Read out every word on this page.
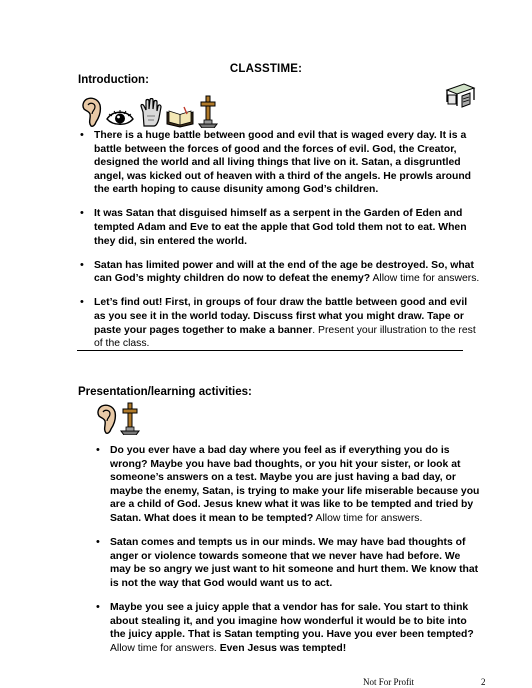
CLASSTIME:
Introduction:
• There is a huge battle between good and evil that is waged every day. It is a battle between the forces of good and the forces of evil. God, the Creator, designed the world and all living things that live on it. Satan, a disgruntled angel, was kicked out of heaven with a third of the angels. He prowls around the earth hoping to cause disunity among God’s children.
• It was Satan that disguised himself as a serpent in the Garden of Eden and tempted Adam and Eve to eat the apple that God told them not to eat. When they did, sin entered the world.
• Satan has limited power and will at the end of the age be destroyed. So, what can God’s mighty children do now to defeat the enemy? Allow time for answers.
• Let’s find out! First, in groups of four draw the battle between good and evil as you see it in the world today. Discuss first what you might draw. Tape or paste your pages together to make a banner. Present your illustration to the rest of the class.
Presentation/learning activities:
• Do you ever have a bad day where you feel as if everything you do is wrong? Maybe you have bad thoughts, or you hit your sister, or look at someone’s answers on a test. Maybe you are just having a bad day, or maybe the enemy, Satan, is trying to make your life miserable because you are a child of God. Jesus knew what it was like to be tempted and tried by Satan. What does it mean to be tempted? Allow time for answers.
• Satan comes and tempts us in our minds. We may have bad thoughts of anger or violence towards someone that we never have had before. We may be so angry we just want to hit someone and hurt them. We know that is not the way that God would want us to act.
• Maybe you see a juicy apple that a vendor has for sale. You start to think about stealing it, and you imagine how wonderful it would be to bite into the juicy apple. That is Satan tempting you. Have you ever been tempted? Allow time for answers. Even Jesus was tempted!
Not For Profit	2
